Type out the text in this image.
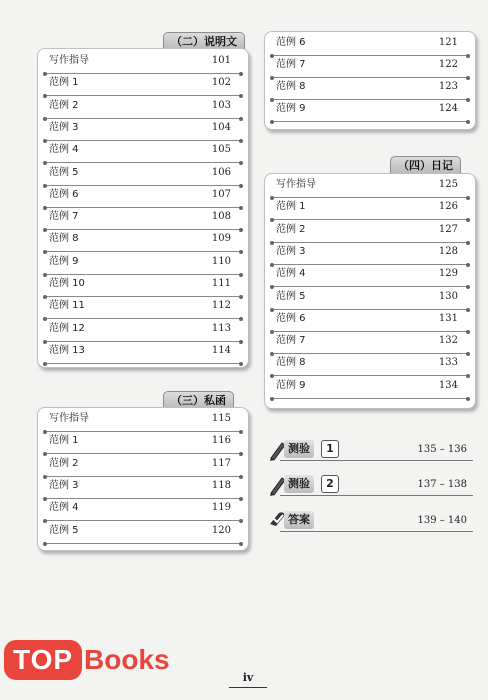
（二）说明文
写作指导	101
范例 1	102
范例 2	103
范例 3	104
范例 4	105
范例 5	106
范例 6	107
范例 7	108
范例 8	109
范例 9	110
范例 10	111
范例 11	112
范例 12	113
范例 13	114
（三）私函
写作指导	115
范例 1	116
范例 2	117
范例 3	118
范例 4	119
范例 5	120
范例 6	121
范例 7	122
范例 8	123
范例 9	124
（四）日记
写作指导	125
范例 1	126
范例 2	127
范例 3	128
范例 4	129
范例 5	130
范例 6	131
范例 7	132
范例 8	133
范例 9	134
测验	1	135 – 136
测验	2	137 – 138
答案	139 – 140
TOP Books
iv
